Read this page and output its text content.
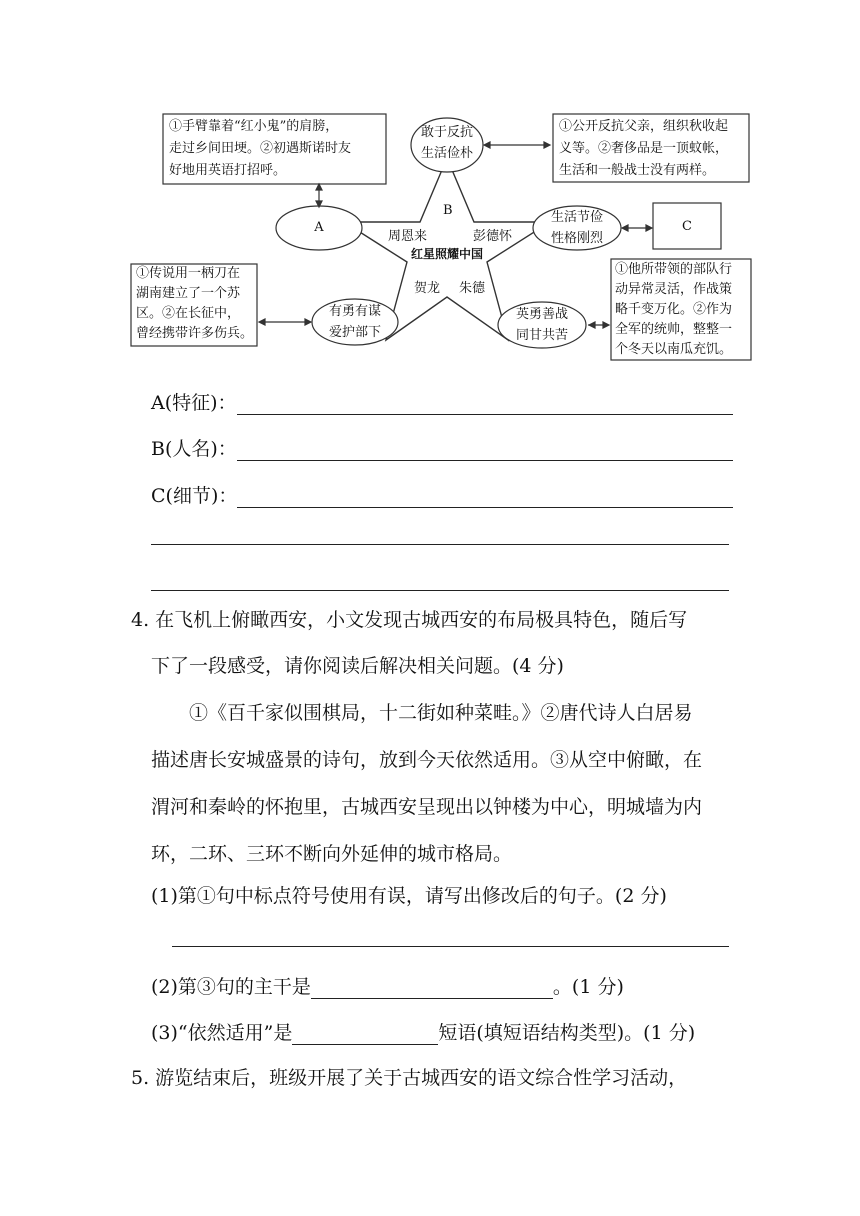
①手臂靠着“红小鬼”的肩膀，
走过乡间田埂。②初遇斯诺时友
好地用英语打招呼。
①公开反抗父亲，组织秋收起
义等。②奢侈品是一顶蚊帐，
生活和一般战士没有两样。
①传说用一柄刀在
湖南建立了一个苏
区。②在长征中，
曾经携带许多伤兵。
①他所带领的部队行
动异常灵活，作战策
略千变万化。②作为
全军的统帅，整整一
个冬天以南瓜充饥。
敢于反抗
生活俭朴
A
生活节俭
性格刚烈
有勇有谋
爱护部下
英勇善战
同甘共苦
C
B
周恩来	彭德怀
红星照耀中国
贺龙 朱德
A(特征)：
B(人名)：
C(细节)：
4. 在飞机上俯瞰西安，小文发现古城西安的布局极具特色，随后写
下了一段感受，请你阅读后解决相关问题。(4 分)
①《百千家似围棋局，十二街如种菜畦。》②唐代诗人白居易
描述唐长安城盛景的诗句，放到今天依然适用。③从空中俯瞰，在
渭河和秦岭的怀抱里，古城西安呈现出以钟楼为中心，明城墙为内
环，二环、三环不断向外延伸的城市格局。
(1)第①句中标点符号使用有误，请写出修改后的句子。(2 分)
(2)第③句的主干是	。(1 分)
(3)“依然适用”是	短语(填短语结构类型)。(1 分)
5. 游览结束后，班级开展了关于古城西安的语文综合性学习活动，
